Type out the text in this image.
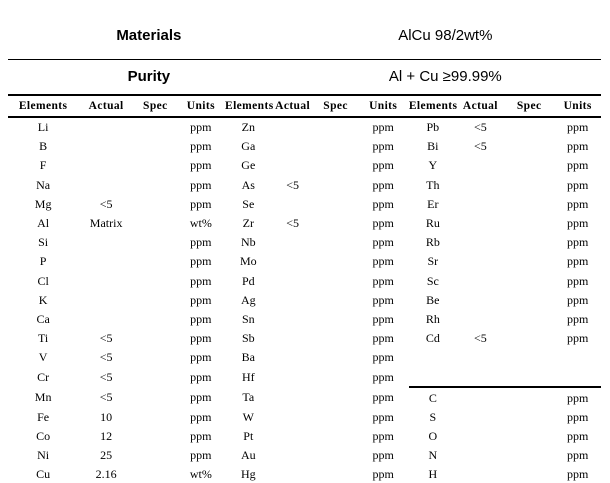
Materials	AlCu 98/2wt%
Purity	Al + Cu ≥99.99%
Elements	Actual	Spec	Units	Elements	Actual	Spec	Units	Elements	Actual	Spec	Units
Li			ppm	Zn			ppm	Pb	<5		ppm
B			ppm	Ga			ppm	Bi	<5		ppm
F			ppm	Ge			ppm	Y			ppm
Na			ppm	As	<5		ppm	Th			ppm
Mg	<5		ppm	Se			ppm	Er			ppm
Al	Matrix		wt%	Zr	<5		ppm	Ru			ppm
Si			ppm	Nb			ppm	Rb			ppm
P			ppm	Mo			ppm	Sr			ppm
Cl			ppm	Pd			ppm	Sc			ppm
K			ppm	Ag			ppm	Be			ppm
Ca			ppm	Sn			ppm	Rh			ppm
Ti	<5		ppm	Sb			ppm	Cd	<5		ppm
V	<5		ppm	Ba			ppm				
Cr	<5		ppm	Hf			ppm				
Mn	<5		ppm	Ta			ppm	C			ppm
Fe	10		ppm	W			ppm	S			ppm
Co	12		ppm	Pt			ppm	O			ppm
Ni	25		ppm	Au			ppm	N			ppm
Cu	2.16		wt%	Hg			ppm	H			ppm
